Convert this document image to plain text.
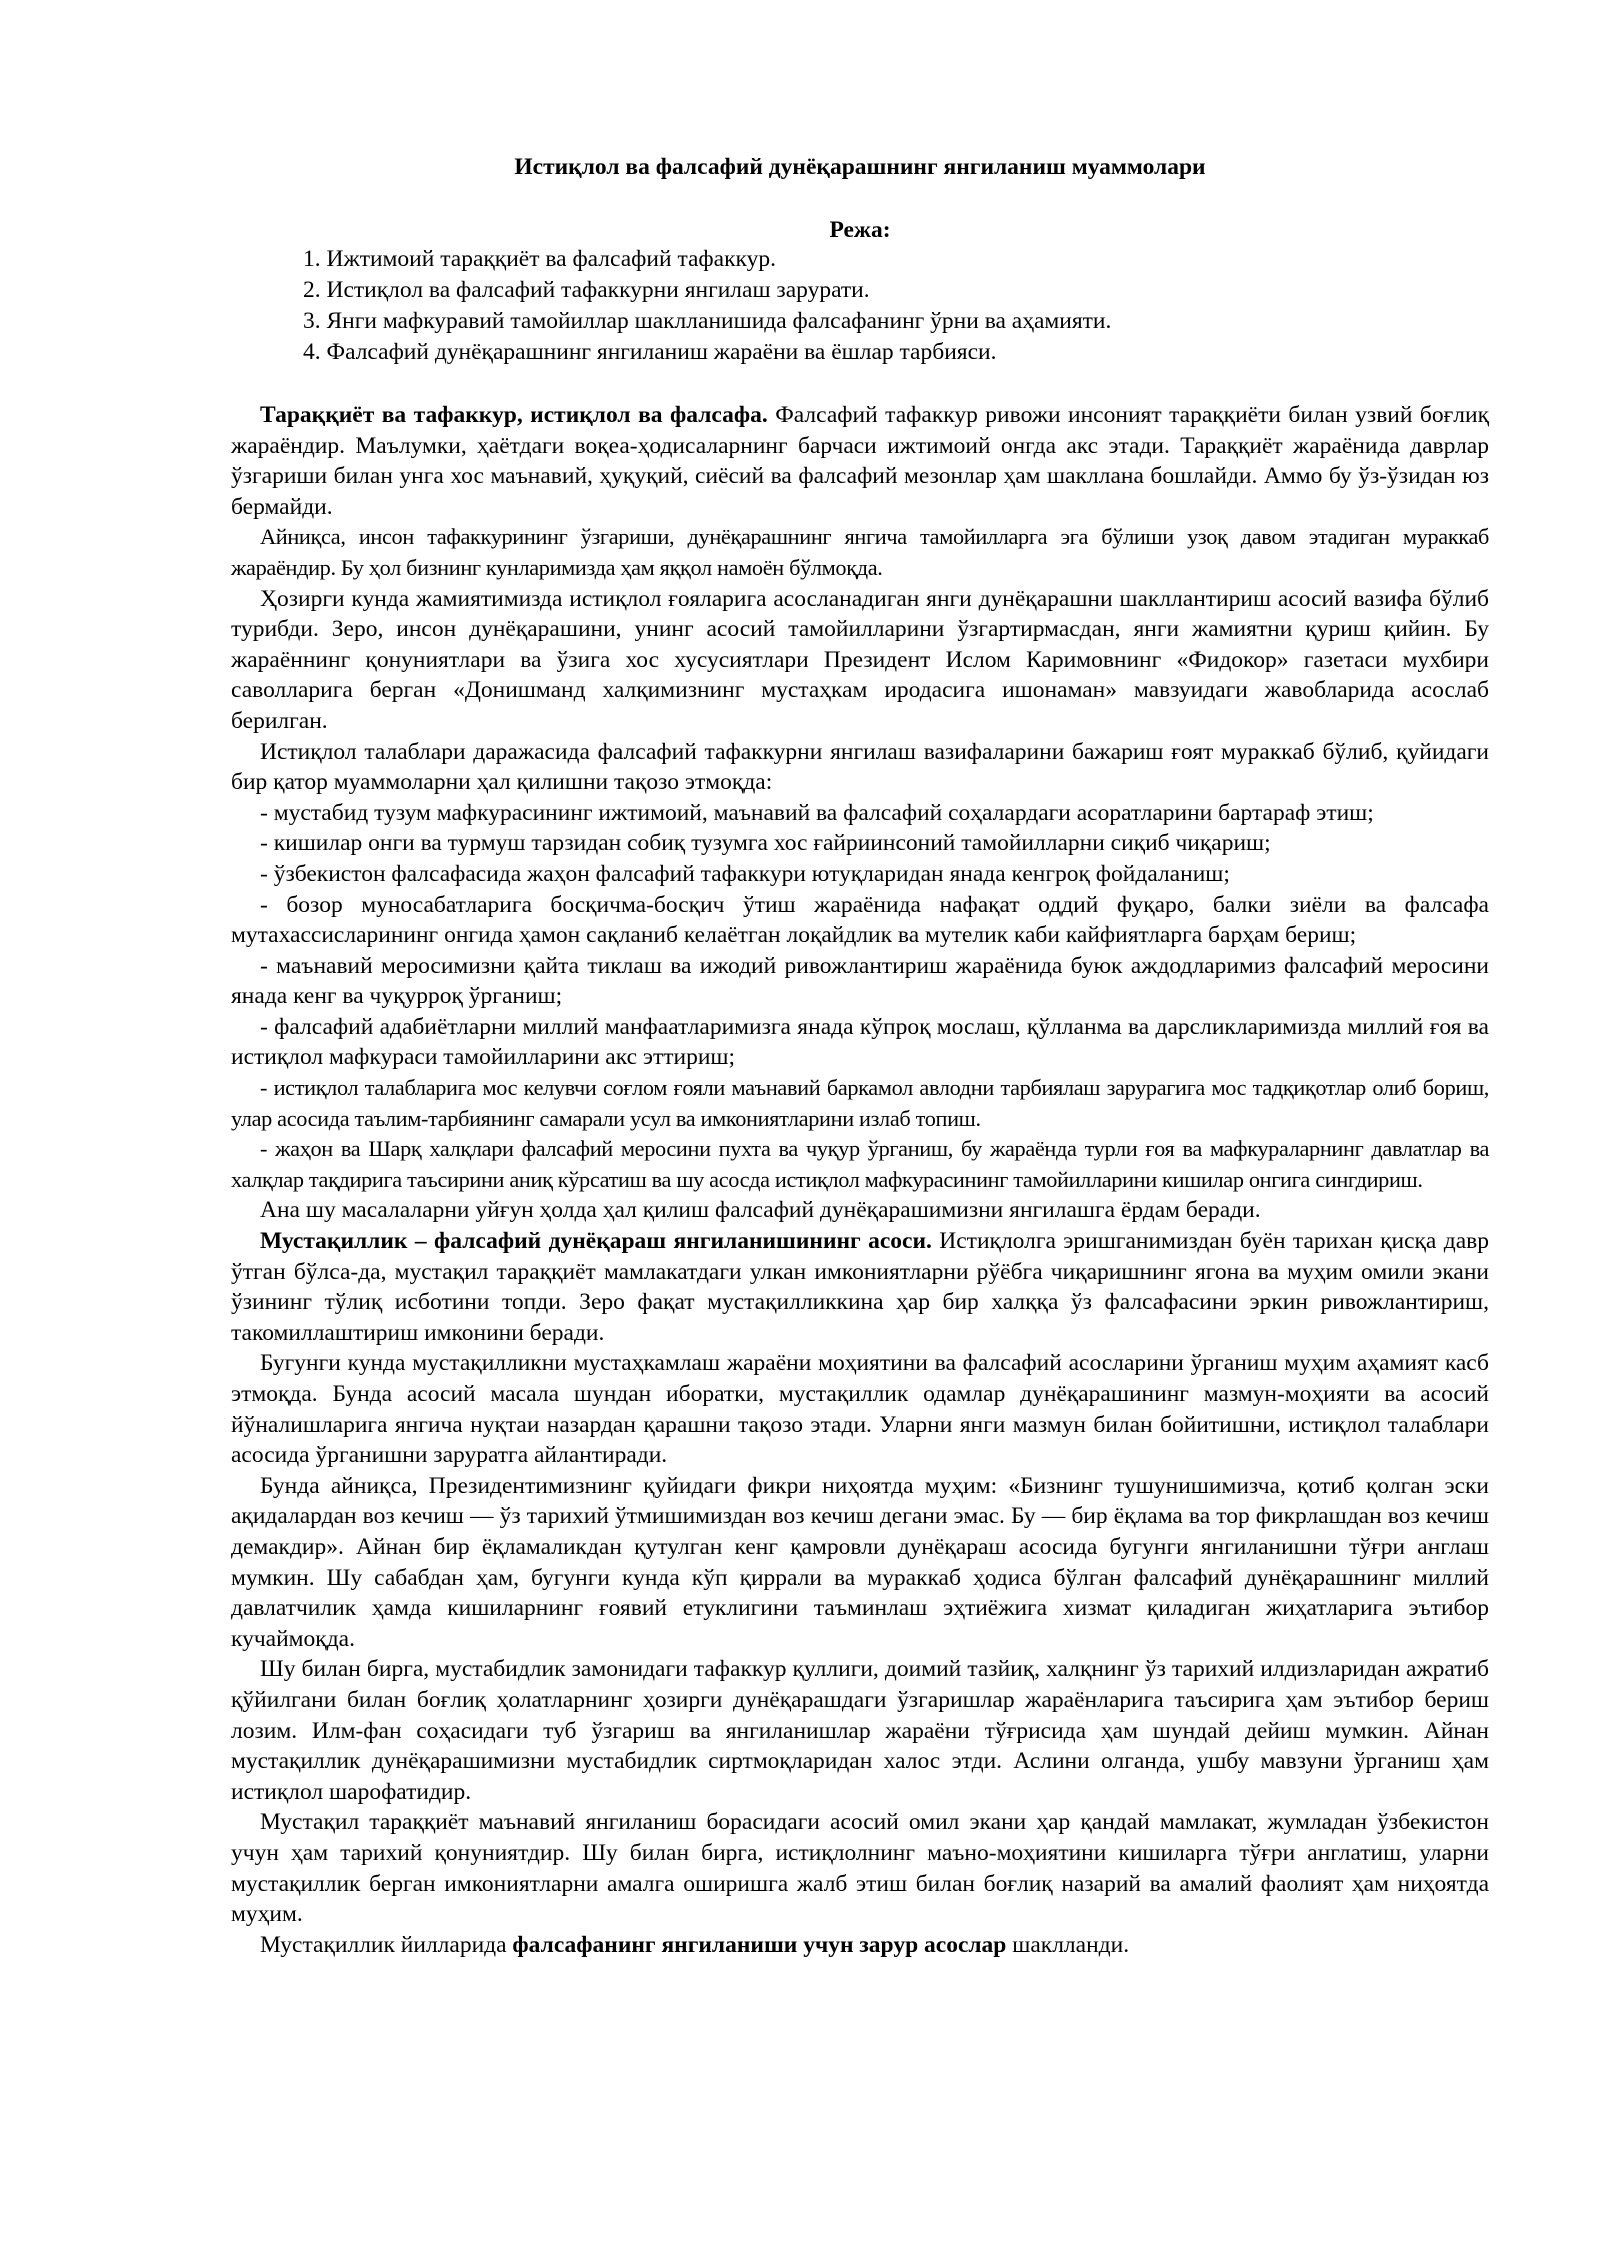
Истиқлол ва фалсафий дунёқарашнинг янгиланиш муаммолари
Режа:
1. Ижтимоий тараққиёт ва фалсафий тафаккур.
2. Истиқлол ва фалсафий тафаккурни янгилаш зарурати.
3. Янги мафкуравий тамойиллар шаклланишида фалсафанинг ўрни ва аҳамияти.
4. Фалсафий дунёқарашнинг янгиланиш жараёни ва ёшлар тарбияси.

Тараққиёт ва тафаккур, истиқлол ва фалсафа. Фалсафий тафаккур ривожи инсоният тараққиёти билан узвий боғлиқ жараёндир. Маълумки, ҳаётдаги воқеа-ҳодисаларнинг барчаси ижтимоий онгда акс этади. Тараққиёт жараёнида даврлар ўзгариши билан унга хос маънавий, ҳуқуқий, сиёсий ва фалсафий мезонлар ҳам шакллана бошлайди. Аммо бу ўз-ўзидан юз бермайди.

Айниқса, инсон тафаккурининг ўзгариши, дунёқарашнинг янгича тамойилларга эга бўлиши узоқ давом этадиган мураккаб жараёндир. Бу ҳол бизнинг кунларимизда ҳам яққол намоён бўлмоқда.

Ҳозирги кунда жамиятимизда истиқлол ғояларига асосланадиган янги дунёқарашни шакллантириш асосий вазифа бўлиб турибди. Зеро, инсон дунёқарашини, унинг асосий тамойилларини ўзгартирмасдан, янги жамиятни қуриш қийин. Бу жараённинг қонуниятлари ва ўзига хос хусусиятлари Президент Ислом Каримовнинг «Фидокор» газетаси мухбири саволларига берган «Донишманд халқимизнинг мустаҳкам иродасига ишонаман» мавзуидаги жавобларида асослаб берилган.

Истиқлол талаблари даражасида фалсафий тафаккурни янгилаш вазифаларини бажариш ғоят мураккаб бўлиб, қуйидаги бир қатор муаммоларни ҳал қилишни тақозо этмоқда:

- мустабид тузум мафкурасининг ижтимоий, маънавий ва фалсафий соҳалардаги асоратларини бартараф этиш;

- кишилар онги ва турмуш тарзидан собиқ тузумга хос ғайриинсоний тамойилларни сиқиб чиқариш;

- ўзбекистон фалсафасида жаҳон фалсафий тафаккури ютуқларидан янада кенгроқ фойдаланиш;

- бозор муносабатларига босқичма-босқич ўтиш жараёнида нафақат оддий фуқаро, балки зиёли ва фалсафа мутахассисларининг онгида ҳамон сақланиб келаётган лоқайдлик ва мутелик каби кайфиятларга барҳам бериш;

- маънавий меросимизни қайта тиклаш ва ижодий ривожлантириш жараёнида буюк аждодларимиз фалсафий меросини янада кенг ва чуқурроқ ўрганиш;

- фалсафий адабиётларни миллий манфаатларимизга янада кўпроқ мослаш, қўлланма ва дарсликларимизда миллий ғоя ва истиқлол мафкураси тамойилларини акс эттириш;

- истиқлол талабларига мос келувчи соғлом ғояли маънавий баркамол авлодни тарбиялаш зарурагига мос тадқиқотлар олиб бориш, улар асосида таълим-тарбиянинг самарали усул ва имкониятларини излаб топиш.

- жаҳон ва Шарқ халқлари фалсафий меросини пухта ва чуқур ўрганиш, бу жараёнда турли ғоя ва мафкураларнинг давлатлар ва халқлар тақдирига таъсирини аниқ кўрсатиш ва шу асосда истиқлол мафкурасининг тамойилларини кишилар онгига сингдириш.

Ана шу масалаларни уйғун ҳолда ҳал қилиш фалсафий дунёқарашимизни янгилашга ёрдам беради.

Мустақиллик – фалсафий дунёқараш янгиланишининг асоси. Истиқлолга эришганимиздан буён тарихан қисқа давр ўтган бўлса-да, мустақил тараққиёт мамлакатдаги улкан имкониятларни рўёбга чиқаришнинг ягона ва муҳим омили экани ўзининг тўлиқ исботини топди. Зеро фақат мустақилликкина ҳар бир халққа ўз фалсафасини эркин ривожлантириш, такомиллаштириш имконини беради.

Бугунги кунда мустақилликни мустаҳкамлаш жараёни моҳиятини ва фалсафий асосларини ўрганиш муҳим аҳамият касб этмоқда. Бунда асосий масала шундан иборатки, мустақиллик одамлар дунёқарашининг мазмун-моҳияти ва асосий йўналишларига янгича нуқтаи назардан қарашни тақозо этади. Уларни янги мазмун билан бойитишни, истиқлол талаблари асосида ўрганишни заруратга айлантиради.

Бунда айниқса, Президентимизнинг қуйидаги фикри ниҳоятда муҳим: «Бизнинг тушунишимизча, қотиб қолган эски ақидалардан воз кечиш — ўз тарихий ўтмишимиздан воз кечиш дегани эмас. Бу — бир ёқлама ва тор фикрлашдан воз кечиш демакдир». Айнан бир ёқламаликдан қутулган кенг қамровли дунёқараш асосида бугунги янгиланишни тўғри англаш мумкин. Шу сабабдан ҳам, бугунги кунда кўп қиррали ва мураккаб ҳодиса бўлган фалсафий дунёқарашнинг миллий давлатчилик ҳамда кишиларнинг ғоявий етуклигини таъминлаш эҳтиёжига хизмат қиладиган жиҳатларига эътибор кучаймоқда.

Шу билан бирга, мустабидлик замонидаги тафаккур қуллиги, доимий тазйиқ, халқнинг ўз тарихий илдизларидан ажратиб қўйилгани билан боғлиқ ҳолатларнинг ҳозирги дунёқарашдаги ўзгаришлар жараёнларига таъсирига ҳам эътибор бериш лозим. Илм-фан соҳасидаги туб ўзгариш ва янгиланишлар жараёни тўғрисида ҳам шундай дейиш мумкин. Айнан мустақиллик дунёқарашимизни мустабидлик сиртмоқларидан халос этди. Аслини олганда, ушбу мавзуни ўрганиш ҳам истиқлол шарофатидир.

Мустақил тараққиёт маънавий янгиланиш борасидаги асосий омил экани ҳар қандай мамлакат, жумладан ўзбекистон учун ҳам тарихий қонуниятдир. Шу билан бирга, истиқлолнинг маъно-моҳиятини кишиларга тўғри англатиш, уларни мустақиллик берган имкониятларни амалга оширишга жалб этиш билан боғлиқ назарий ва амалий фаолият ҳам ниҳоятда муҳим.

Мустақиллик йилларида фалсафанинг янгиланиши учун зарур асослар шаклланди.
